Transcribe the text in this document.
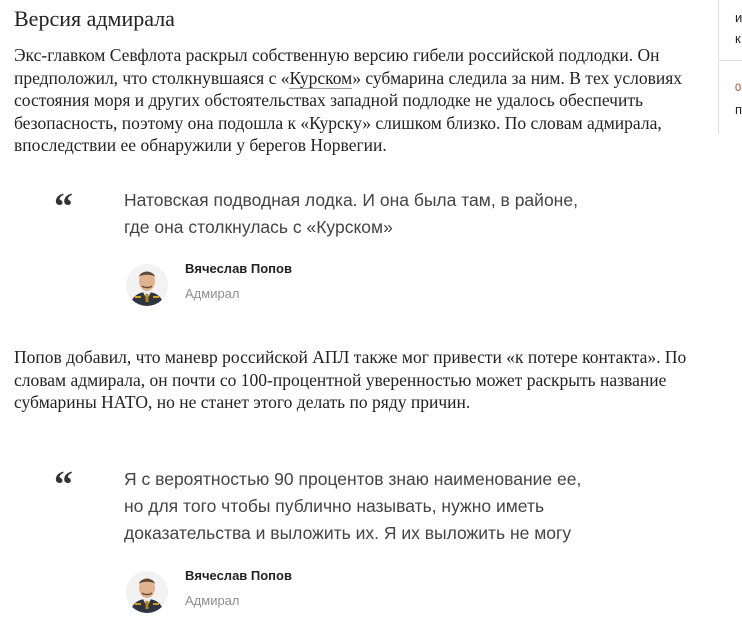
Версия адмирала

Экс-главком Севфлота раскрыл собственную версию гибели российской подлодки. Он предположил, что столкнувшаяся с «Курском» субмарина следила за ним. В тех условиях состояния моря и других обстоятельствах западной подлодке не удалось обеспечить безопасность, поэтому она подошла к «Курску» слишком близко. По словам адмирала, впоследствии ее обнаружили у берегов Норвегии.

“	Натовская подводная лодка. И она была там, в районе,
где она столкнулась с «Курском»
Вячеслав Попов
Адмирал

Попов добавил, что маневр российской АПЛ также мог привести «к потере контакта». По словам адмирала, он почти со 100-процентной уверенностью может раскрыть название субмарины НАТО, но не станет этого делать по ряду причин.

“	Я с вероятностью 90 процентов знаю наименование ее,
но для того чтобы публично называть, нужно иметь
доказательства и выложить их. Я их выложить не могу
Вячеслав Попов
Адмирал
и
к
0
п
